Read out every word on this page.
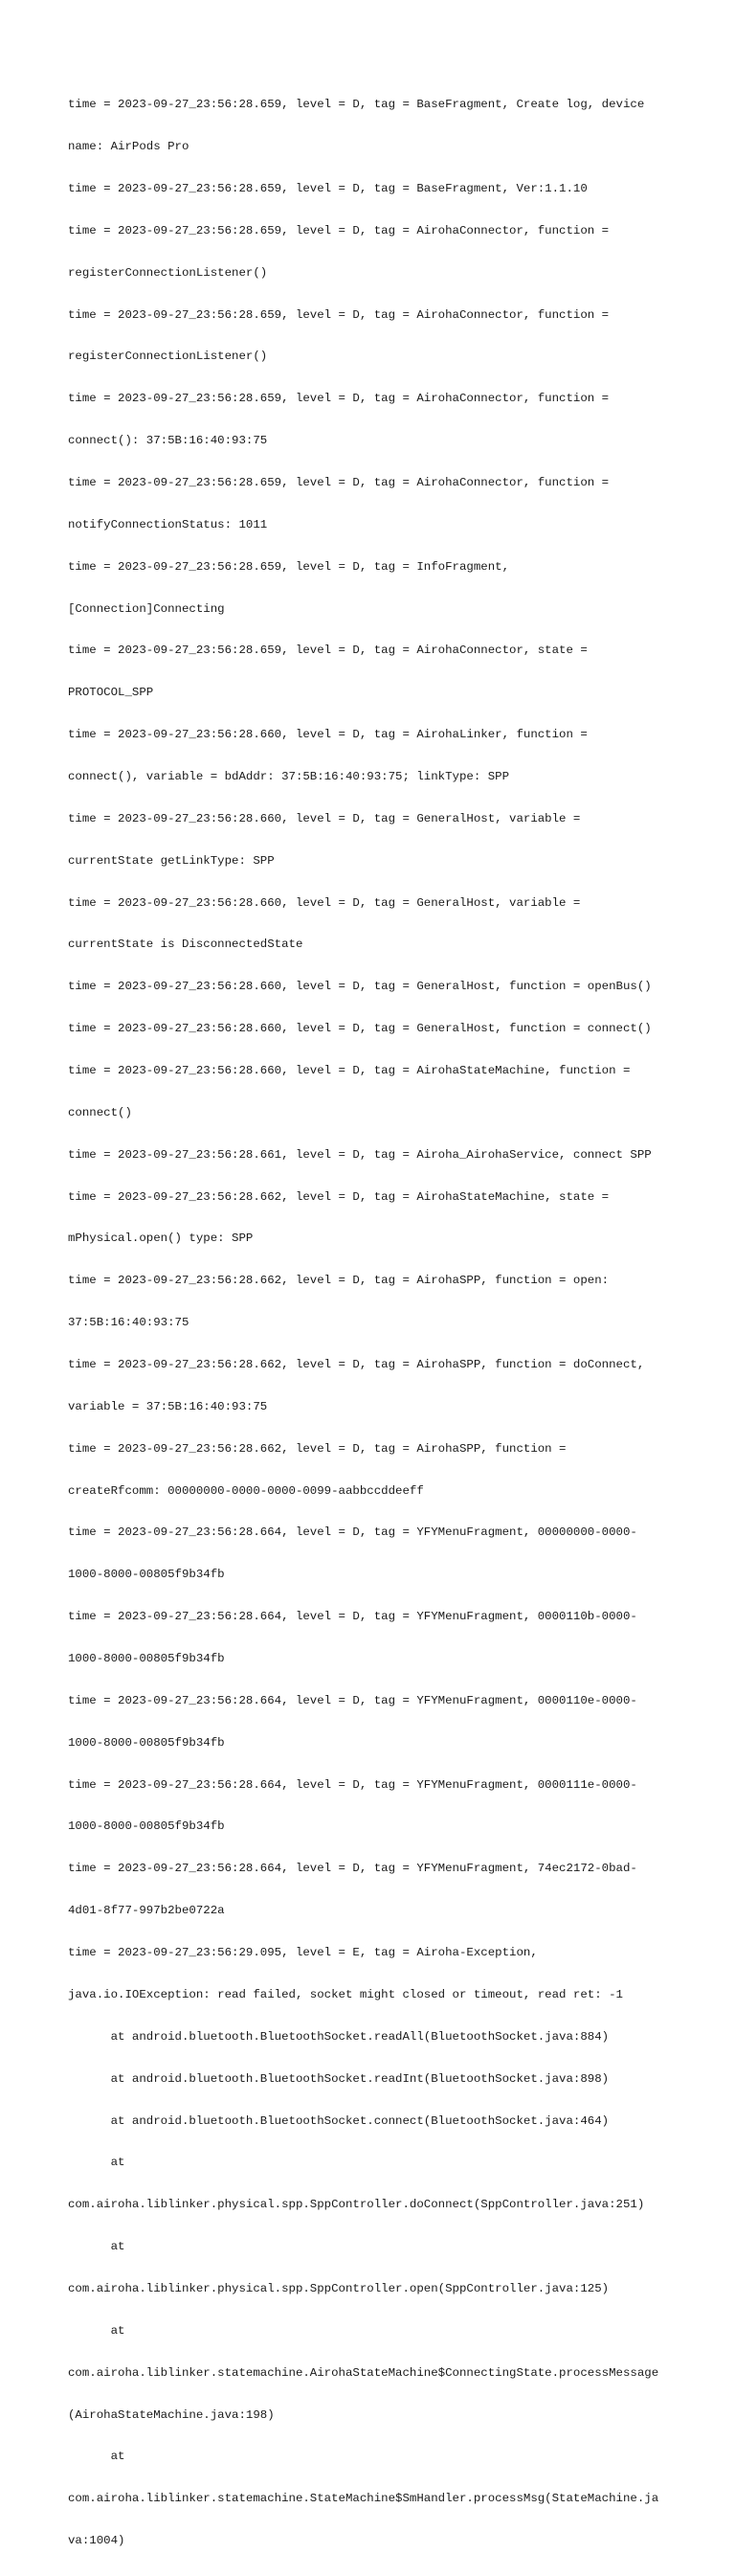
time = 2023-09-27_23:56:28.659, level = D, tag = BaseFragment, Create log, device

name: AirPods Pro

time = 2023-09-27_23:56:28.659, level = D, tag = BaseFragment, Ver:1.1.10

time = 2023-09-27_23:56:28.659, level = D, tag = AirohaConnector, function =

registerConnectionListener()

time = 2023-09-27_23:56:28.659, level = D, tag = AirohaConnector, function =

registerConnectionListener()

time = 2023-09-27_23:56:28.659, level = D, tag = AirohaConnector, function =

connect(): 37:5B:16:40:93:75

time = 2023-09-27_23:56:28.659, level = D, tag = AirohaConnector, function =

notifyConnectionStatus: 1011

time = 2023-09-27_23:56:28.659, level = D, tag = InfoFragment,

[Connection]Connecting

time = 2023-09-27_23:56:28.659, level = D, tag = AirohaConnector, state =

PROTOCOL_SPP

time = 2023-09-27_23:56:28.660, level = D, tag = AirohaLinker, function =

connect(), variable = bdAddr: 37:5B:16:40:93:75; linkType: SPP

time = 2023-09-27_23:56:28.660, level = D, tag = GeneralHost, variable =

currentState getLinkType: SPP

time = 2023-09-27_23:56:28.660, level = D, tag = GeneralHost, variable =

currentState is DisconnectedState

time = 2023-09-27_23:56:28.660, level = D, tag = GeneralHost, function = openBus()

time = 2023-09-27_23:56:28.660, level = D, tag = GeneralHost, function = connect()

time = 2023-09-27_23:56:28.660, level = D, tag = AirohaStateMachine, function =

connect()

time = 2023-09-27_23:56:28.661, level = D, tag = Airoha_AirohaService, connect SPP

time = 2023-09-27_23:56:28.662, level = D, tag = AirohaStateMachine, state =

mPhysical.open() type: SPP

time = 2023-09-27_23:56:28.662, level = D, tag = AirohaSPP, function = open:

37:5B:16:40:93:75

time = 2023-09-27_23:56:28.662, level = D, tag = AirohaSPP, function = doConnect,

variable = 37:5B:16:40:93:75

time = 2023-09-27_23:56:28.662, level = D, tag = AirohaSPP, function =

createRfcomm: 00000000-0000-0000-0099-aabbccddeeff

time = 2023-09-27_23:56:28.664, level = D, tag = YFYMenuFragment, 00000000-0000-

1000-8000-00805f9b34fb

time = 2023-09-27_23:56:28.664, level = D, tag = YFYMenuFragment, 0000110b-0000-

1000-8000-00805f9b34fb

time = 2023-09-27_23:56:28.664, level = D, tag = YFYMenuFragment, 0000110e-0000-

1000-8000-00805f9b34fb

time = 2023-09-27_23:56:28.664, level = D, tag = YFYMenuFragment, 0000111e-0000-

1000-8000-00805f9b34fb

time = 2023-09-27_23:56:28.664, level = D, tag = YFYMenuFragment, 74ec2172-0bad-

4d01-8f77-997b2be0722a

time = 2023-09-27_23:56:29.095, level = E, tag = Airoha-Exception,

java.io.IOException: read failed, socket might closed or timeout, read ret: -1

at android.bluetooth.BluetoothSocket.readAll(BluetoothSocket.java:884)

at android.bluetooth.BluetoothSocket.readInt(BluetoothSocket.java:898)

at android.bluetooth.BluetoothSocket.connect(BluetoothSocket.java:464)

at

com.airoha.liblinker.physical.spp.SppController.doConnect(SppController.java:251)

at

com.airoha.liblinker.physical.spp.SppController.open(SppController.java:125)

at

com.airoha.liblinker.statemachine.AirohaStateMachine$ConnectingState.processMessage

(AirohaStateMachine.java:198)

at

com.airoha.liblinker.statemachine.StateMachine$SmHandler.processMsg(StateMachine.ja

va:1004)
